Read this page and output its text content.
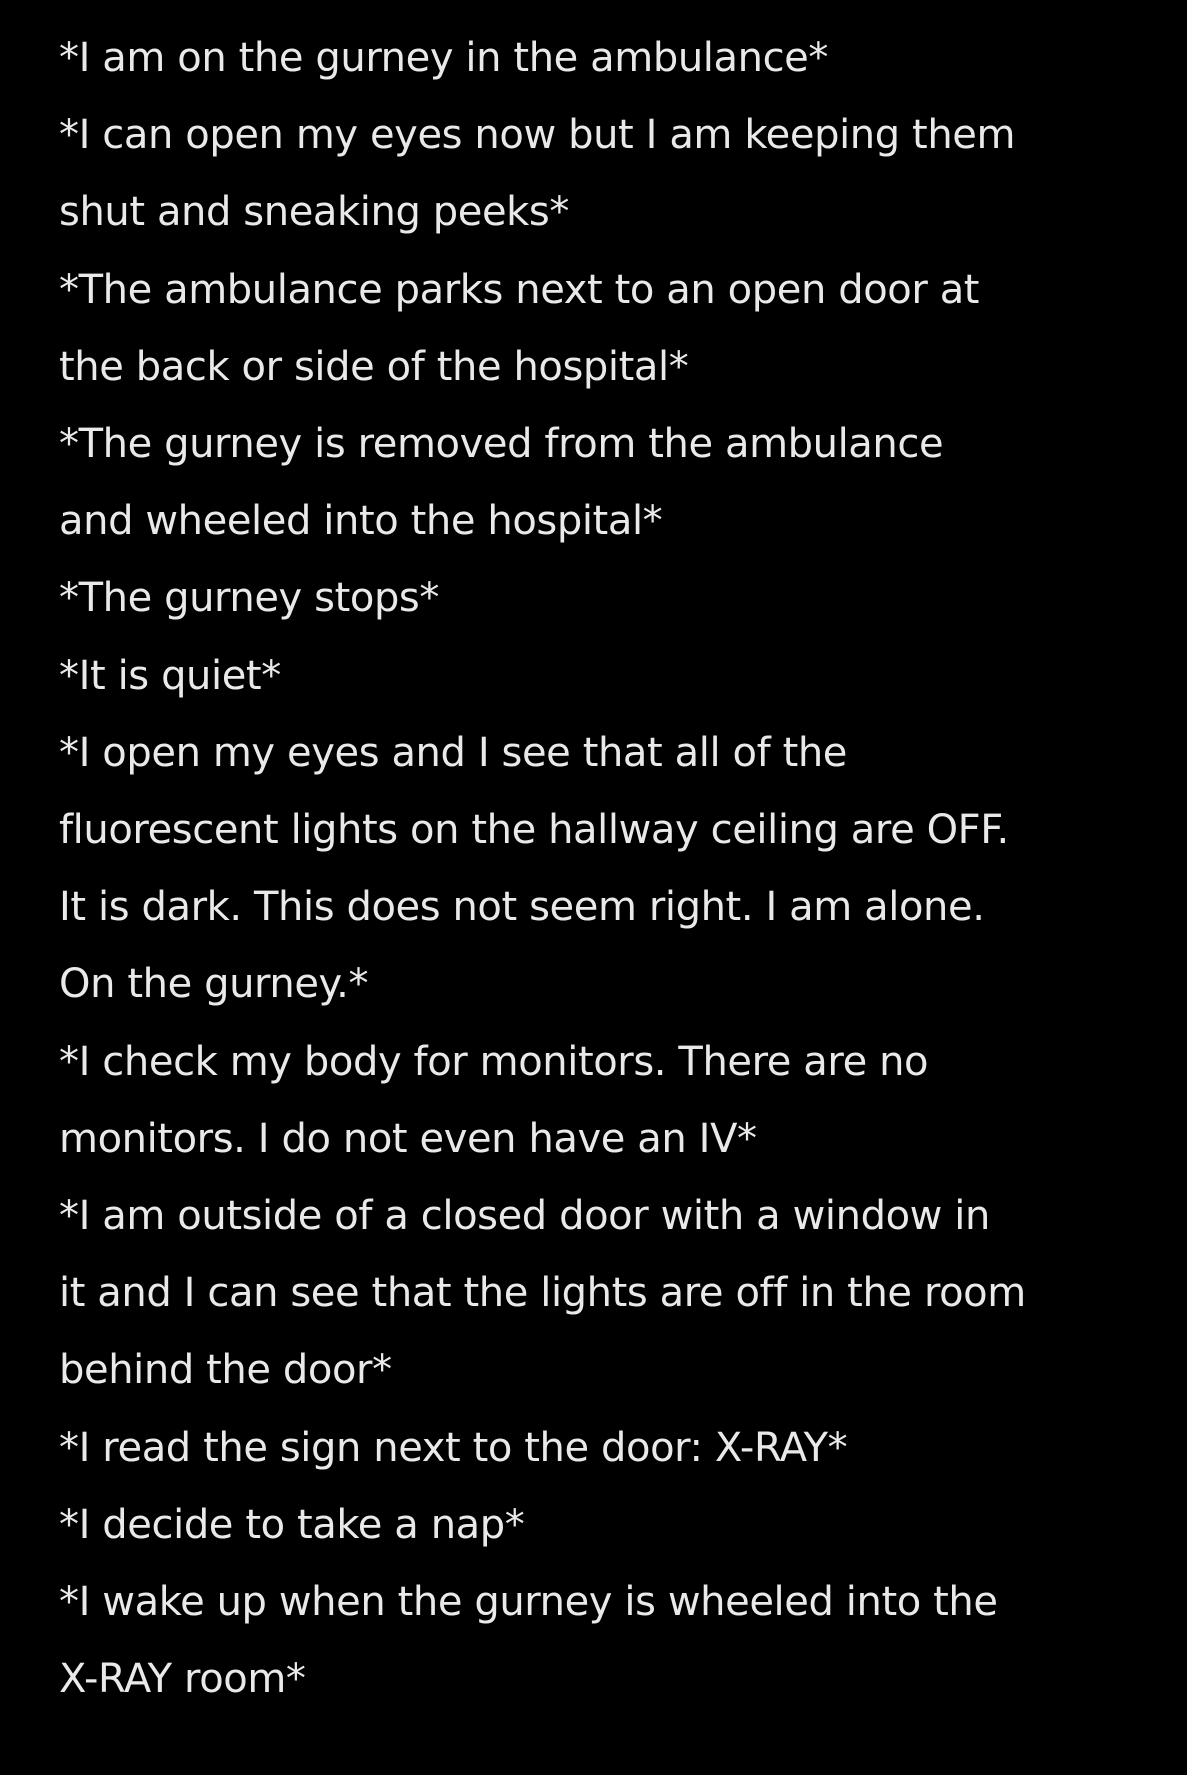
*I am on the gurney in the ambulance*
*I can open my eyes now but I am keeping them
shut and sneaking peeks*
*The ambulance parks next to an open door at
the back or side of the hospital*
*The gurney is removed from the ambulance
and wheeled into the hospital*
*The gurney stops*
*It is quiet*
*I open my eyes and I see that all of the
fluorescent lights on the hallway ceiling are OFF.
It is dark. This does not seem right. I am alone.
On the gurney.*
*I check my body for monitors. There are no
monitors. I do not even have an IV*
*I am outside of a closed door with a window in
it and I can see that the lights are off in the room
behind the door*
*I read the sign next to the door: X-RAY*
*I decide to take a nap*
*I wake up when the gurney is wheeled into the
X-RAY room*
